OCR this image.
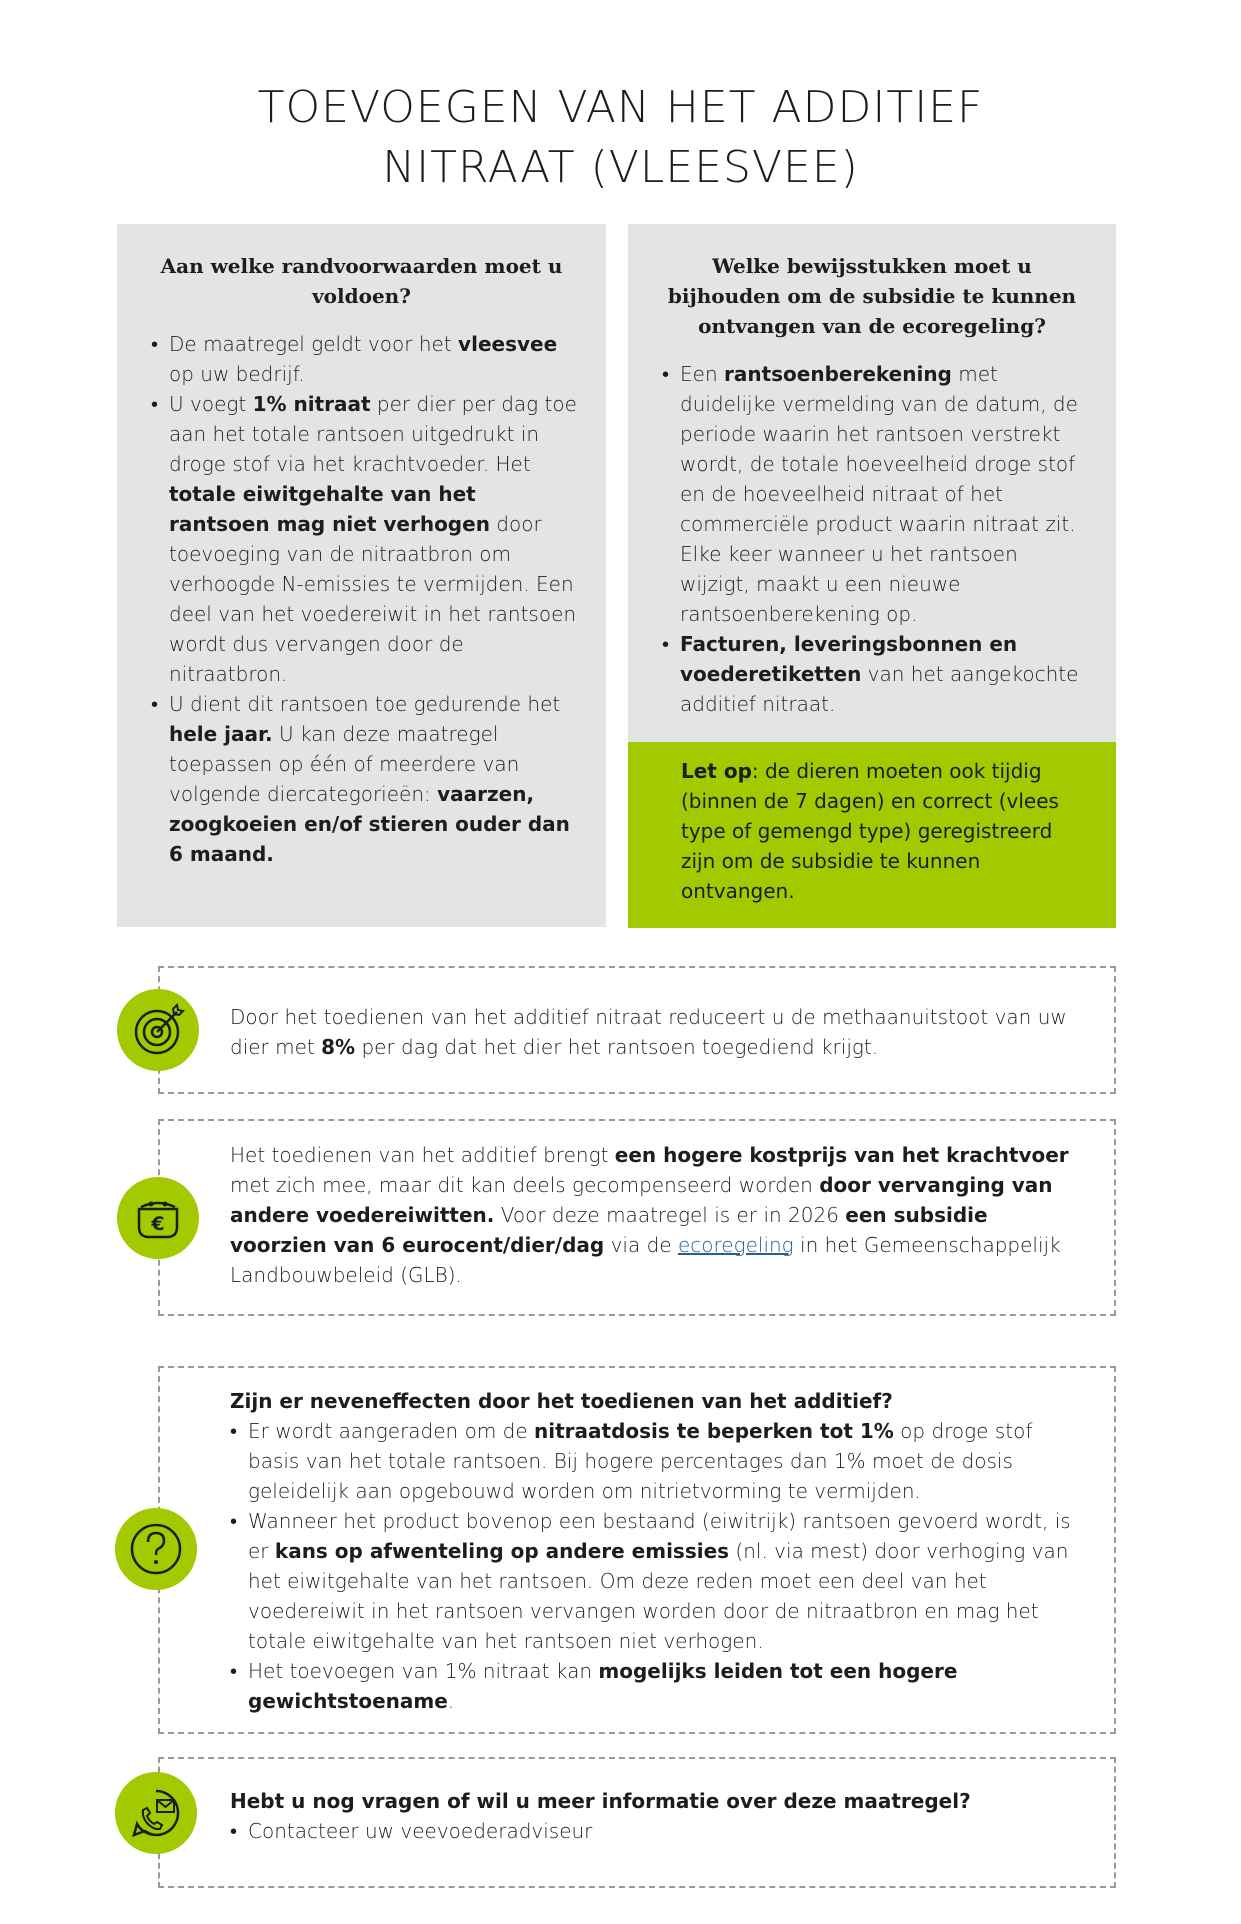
TOEVOEGEN VAN HET ADDITIEF
NITRAAT (VLEESVEE)
Aan welke randvoorwaarden moet u voldoen?
• De maatregel geldt voor het vleesvee op uw bedrijf.
• U voegt 1% nitraat per dier per dag toe aan het totale rantsoen uitgedrukt in droge stof via het krachtvoeder. Het totale eiwitgehalte van het rantsoen mag niet verhogen door toevoeging van de nitraatbron om verhoogde N-emissies te vermijden. Een deel van het voedereiwit in het rantsoen wordt dus vervangen door de nitraatbron.
• U dient dit rantsoen toe gedurende het hele jaar. U kan deze maatregel toepassen op één of meerdere van volgende diercategorieën: vaarzen, zoogkoeien en/of stieren ouder dan 6 maand.
Welke bewijsstukken moet u bijhouden om de subsidie te kunnen ontvangen van de ecoregeling?
• Een rantsoenberekening met duidelijke vermelding van de datum, de periode waarin het rantsoen verstrekt wordt, de totale hoeveelheid droge stof en de hoeveelheid nitraat of het commerciële product waarin nitraat zit. Elke keer wanneer u het rantsoen wijzigt, maakt u een nieuwe rantsoenberekening op.
• Facturen, leveringsbonnen en voederetiketten van het aangekochte additief nitraat.

Let op: de dieren moeten ook tijdig (binnen de 7 dagen) en correct (vlees type of gemengd type) geregistreerd zijn om de subsidie te kunnen ontvangen.

Door het toedienen van het additief nitraat reduceert u de methaanuitstoot van uw dier met 8% per dag dat het dier het rantsoen toegediend krijgt.
Het toedienen van het additief brengt een hogere kostprijs van het krachtvoer met zich mee, maar dit kan deels gecompenseerd worden door vervanging van andere voedereiwitten. Voor deze maatregel is er in 2026 een subsidie voorzien van 6 eurocent/dier/dag via de ecoregeling in het Gemeenschappelijk Landbouwbeleid (GLB).
€
Zijn er neveneffecten door het toedienen van het additief?
• Er wordt aangeraden om de nitraatdosis te beperken tot 1% op droge stof basis van het totale rantsoen. Bij hogere percentages dan 1% moet de dosis geleidelijk aan opgebouwd worden om nitrietvorming te vermijden.
• Wanneer het product bovenop een bestaand (eiwitrijk) rantsoen gevoerd wordt, is er kans op afwenteling op andere emissies (nl. via mest) door verhoging van het eiwitgehalte van het rantsoen. Om deze reden moet een deel van het voedereiwit in het rantsoen vervangen worden door de nitraatbron en mag het totale eiwitgehalte van het rantsoen niet verhogen.
• Het toevoegen van 1% nitraat kan mogelijks leiden tot een hogere gewichtstoename.
Hebt u nog vragen of wil u meer informatie over deze maatregel?
• Contacteer uw veevoederadviseur
